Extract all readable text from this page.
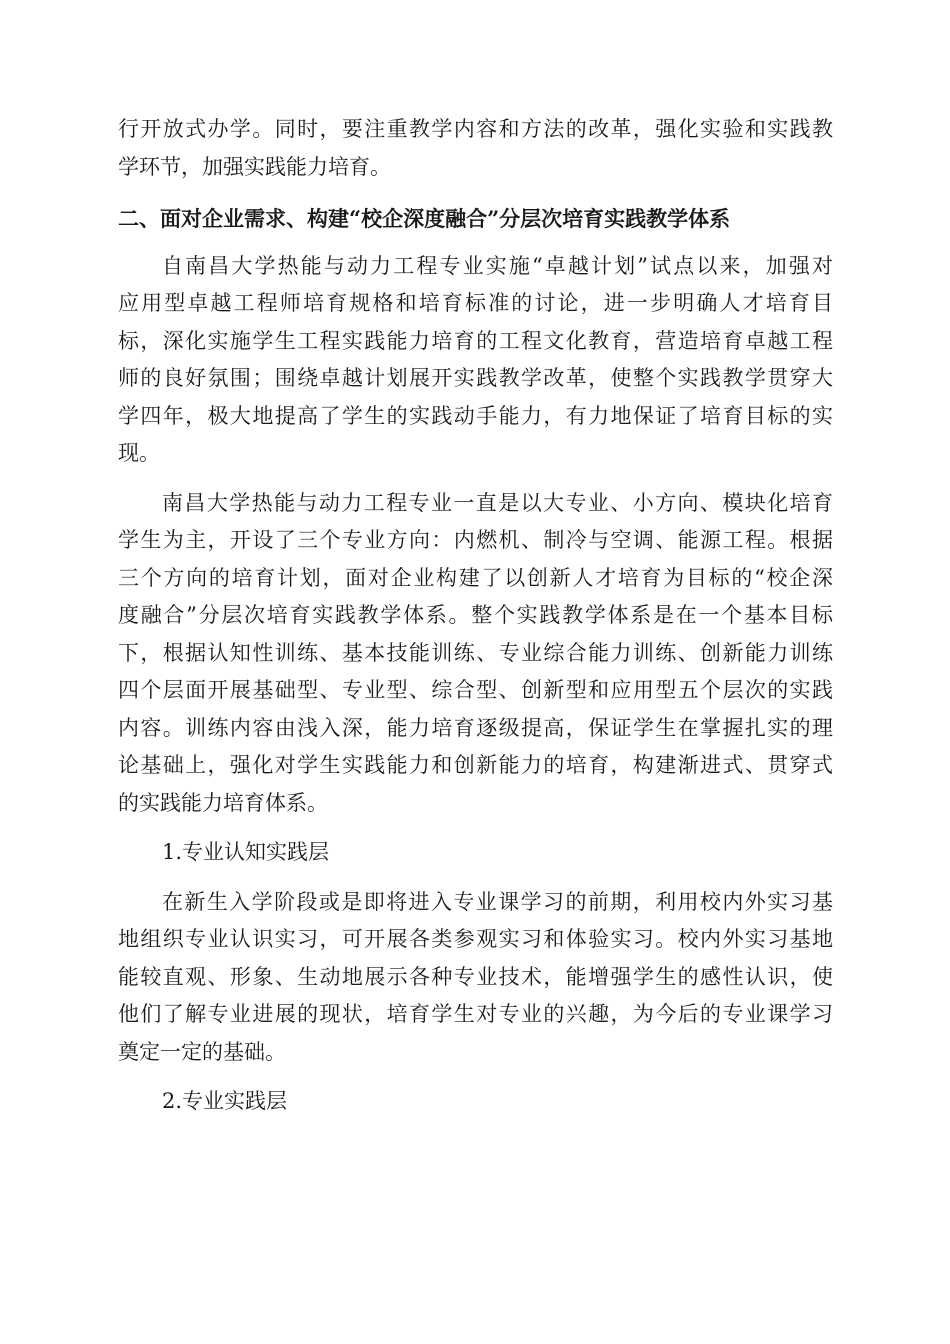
行开放式办学。同时，要注重教学内容和方法的改革，强化实验和实践教
学环节，加强实践能力培育。
二、面对企业需求、构建“校企深度融合”分层次培育实践教学体系
自南昌大学热能与动力工程专业实施“卓越计划”试点以来，加强对
应用型卓越工程师培育规格和培育标准的讨论，进一步明确人才培育目
标，深化实施学生工程实践能力培育的工程文化教育，营造培育卓越工程
师的良好氛围；围绕卓越计划展开实践教学改革，使整个实践教学贯穿大
学四年，极大地提高了学生的实践动手能力，有力地保证了培育目标的实
现。
南昌大学热能与动力工程专业一直是以大专业、小方向、模块化培育
学生为主，开设了三个专业方向：内燃机、制冷与空调、能源工程。根据
三个方向的培育计划，面对企业构建了以创新人才培育为目标的“校企深
度融合”分层次培育实践教学体系。整个实践教学体系是在一个基本目标
下，根据认知性训练、基本技能训练、专业综合能力训练、创新能力训练
四个层面开展基础型、专业型、综合型、创新型和应用型五个层次的实践
内容。训练内容由浅入深，能力培育逐级提高，保证学生在掌握扎实的理
论基础上，强化对学生实践能力和创新能力的培育，构建渐进式、贯穿式
的实践能力培育体系。
1.专业认知实践层
在新生入学阶段或是即将进入专业课学习的前期，利用校内外实习基
地组织专业认识实习，可开展各类参观实习和体验实习。校内外实习基地
能较直观、形象、生动地展示各种专业技术，能增强学生的感性认识，使
他们了解专业进展的现状，培育学生对专业的兴趣，为今后的专业课学习
奠定一定的基础。
2.专业实践层
